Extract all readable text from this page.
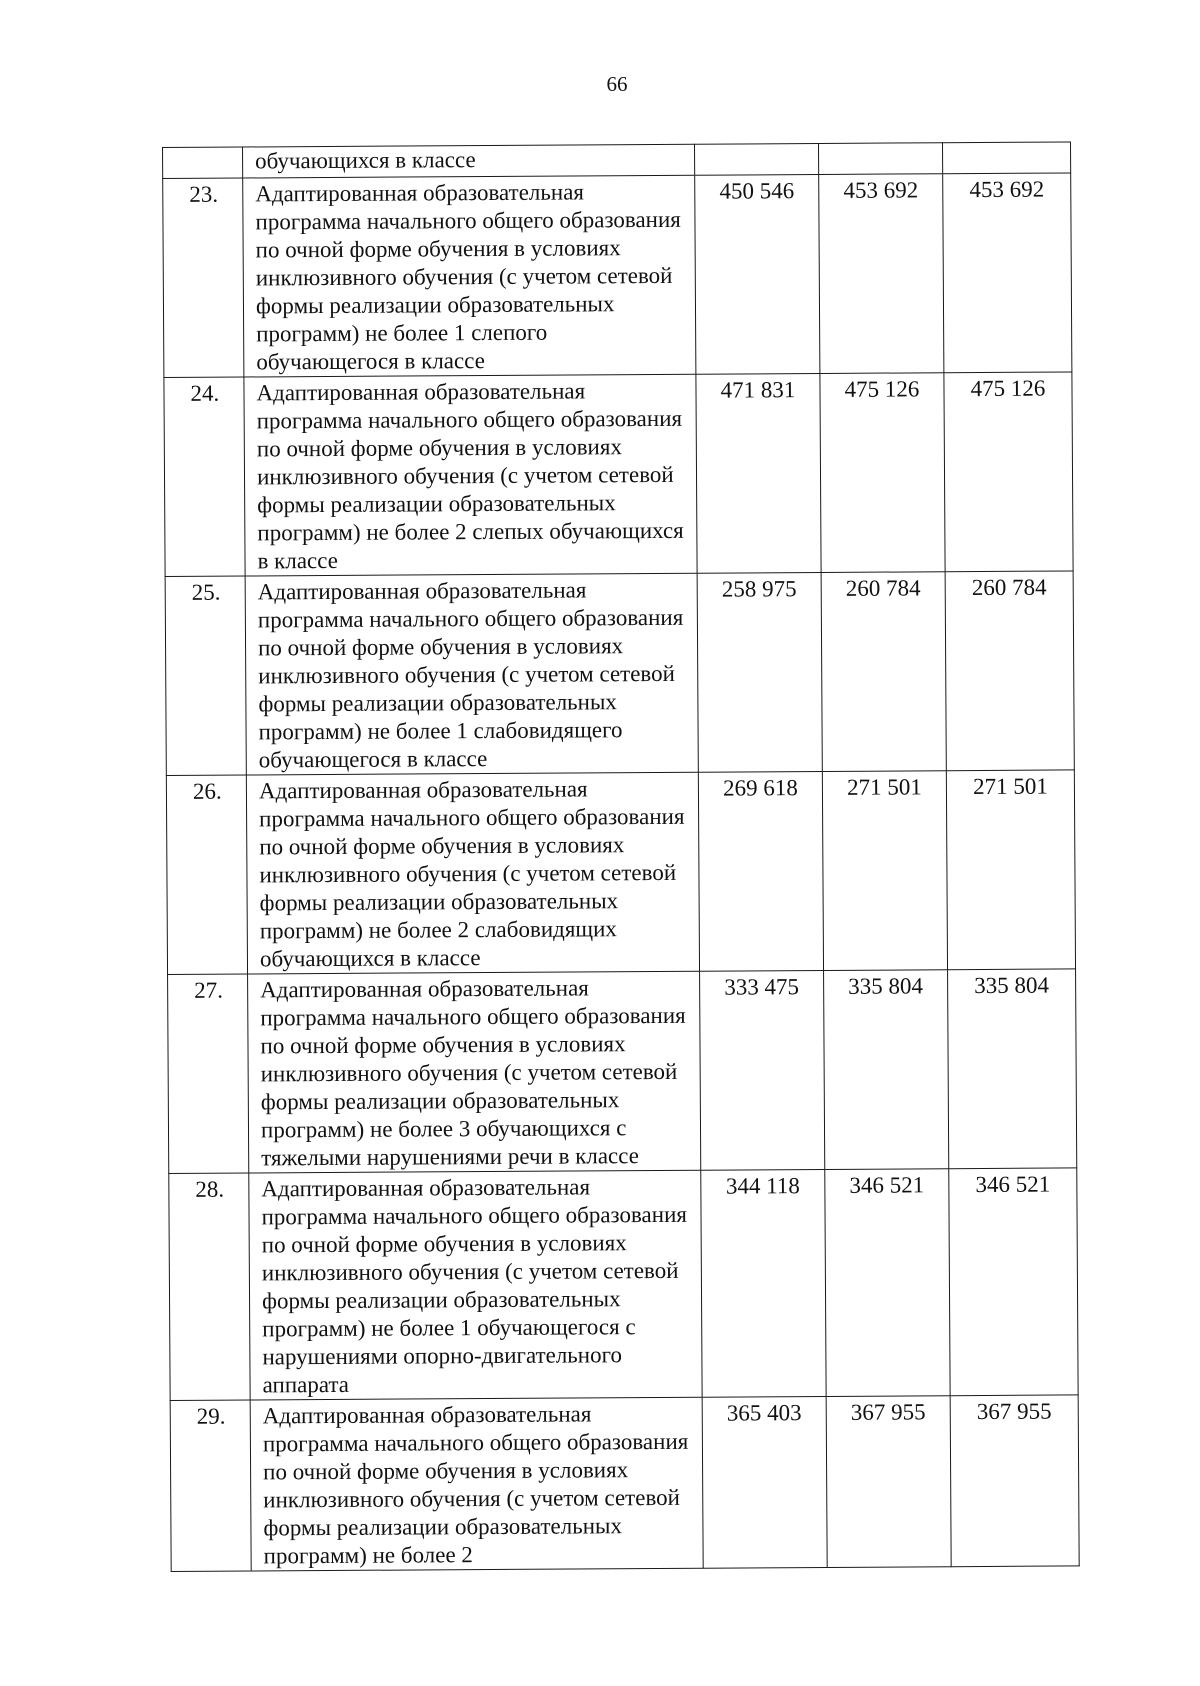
66
	обучающихся в классе			
23.	Адаптированная образовательная программа начального общего образования по очной форме обучения в условиях инклюзивного обучения (с учетом сетевой формы реализации образовательных программ) не более 1 слепого обучающегося в классе	450 546	453 692	453 692
24.	Адаптированная образовательная программа начального общего образования по очной форме обучения в условиях инклюзивного обучения (с учетом сетевой формы реализации образовательных программ) не более 2 слепых обучающихся в классе	471 831	475 126	475 126
25.	Адаптированная образовательная программа начального общего образования по очной форме обучения в условиях инклюзивного обучения (с учетом сетевой формы реализации образовательных программ) не более 1 слабовидящего обучающегося в классе	258 975	260 784	260 784
26.	Адаптированная образовательная программа начального общего образования по очной форме обучения в условиях инклюзивного обучения (с учетом сетевой формы реализации образовательных программ) не более 2 слабовидящих обучающихся в классе	269 618	271 501	271 501
27.	Адаптированная образовательная программа начального общего образования по очной форме обучения в условиях инклюзивного обучения (с учетом сетевой формы реализации образовательных программ) не более 3 обучающихся с тяжелыми нарушениями речи в классе	333 475	335 804	335 804
28.	Адаптированная образовательная программа начального общего образования по очной форме обучения в условиях инклюзивного обучения (с учетом сетевой формы реализации образовательных программ) не более 1 обучающегося с нарушениями опорно-двигательного аппарата	344 118	346 521	346 521
29.	Адаптированная образовательная программа начального общего образования по очной форме обучения в условиях инклюзивного обучения (с учетом сетевой формы реализации образовательных программ) не более 2	365 403	367 955	367 955
